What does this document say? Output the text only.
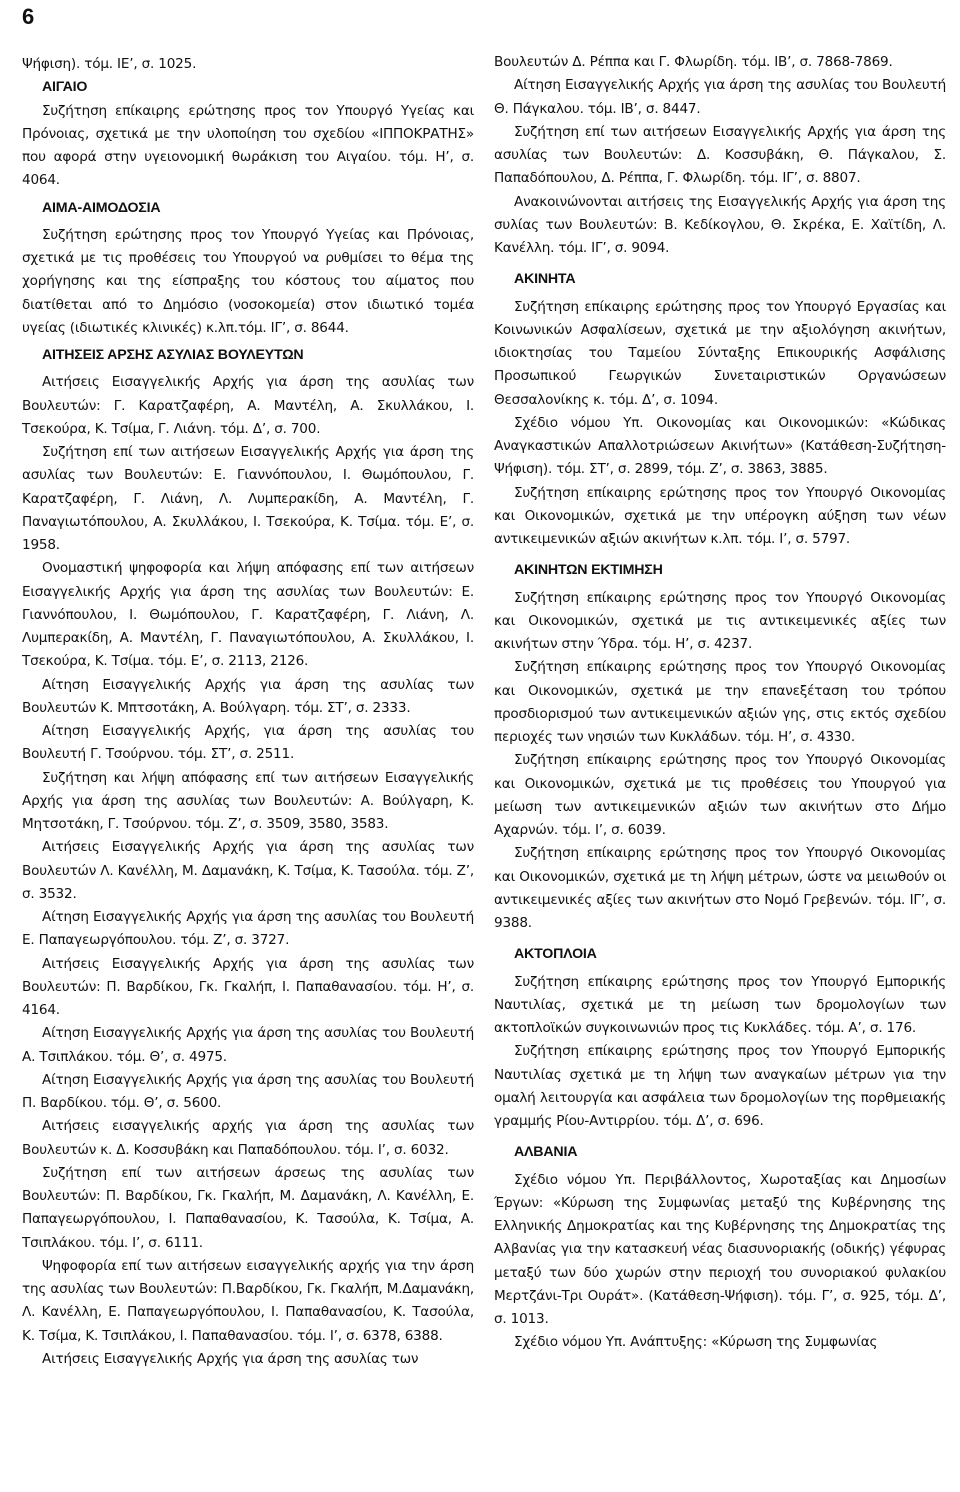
6

Ψήφιση). τόμ. ΙΕ’, σ. 1025.

ΑΙΓΑΙΟ

Συζήτηση επίκαιρης ερώτησης προς τον Υπουργό Υγείας και Πρόνοιας, σχετικά με την υλοποίηση του σχεδίου «ΙΠΠΟΚΡΑΤΗΣ» που αφορά στην υγειονομική θωράκιση του Αιγαίου. τόμ. Η’, σ. 4064.

ΑΙΜΑ-ΑΙΜΟΔΟΣΙΑ

Συζήτηση ερώτησης προς τον Υπουργό Υγείας και Πρόνοιας, σχετικά με τις προθέσεις του Υπουργού να ρυθμίσει το θέμα της χορήγησης και της είσπραξης του κόστους του αίματος που διατίθεται από το Δημόσιο (νοσοκομεία) στον ιδιωτικό τομέα υγείας (ιδιωτικές κλινικές) κ.λπ.τόμ. ΙΓ’, σ. 8644.

ΑΙΤΗΣΕΙΣ ΑΡΣΗΣ ΑΣΥΛΙΑΣ ΒΟΥΛΕΥΤΩΝ

Αιτήσεις Εισαγγελικής Αρχής για άρση της ασυλίας των Βουλευτών: Γ. Καρατζαφέρη, Α. Μαντέλη, Α. Σκυλλάκου, Ι. Τσεκούρα, Κ. Τσίμα, Γ. Λιάνη. τόμ. Δ’, σ. 700.

Συζήτηση επί των αιτήσεων Εισαγγελικής Αρχής για άρση της ασυλίας των Βουλευτών: Ε. Γιαννόπουλου, Ι. Θωμόπουλου, Γ. Καρατζαφέρη, Γ. Λιάνη, Λ. Λυμπερακίδη, Α. Μαντέλη, Γ. Παναγιωτόπουλου, Α. Σκυλλάκου, Ι. Τσεκούρα, Κ. Τσίμα. τόμ. Ε’, σ. 1958.

Ονομαστική ψηφοφορία και λήψη απόφασης επί των αιτήσεων Εισαγγελικής Αρχής για άρση της ασυλίας των Βουλευτών: Ε. Γιαννόπουλου, Ι. Θωμόπουλου, Γ. Καρατζαφέρη, Γ. Λιάνη, Λ. Λυμπερακίδη, Α. Μαντέλη, Γ. Παναγιωτόπουλου, Α. Σκυλλάκου, Ι. Τσεκούρα, Κ. Τσίμα. τόμ. Ε’, σ. 2113, 2126.

Αίτηση Εισαγγελικής Αρχής για άρση της ασυλίας των Βουλευτών Κ. Μπτσοτάκη, Α. Βούλγαρη. τόμ. ΣΤ’, σ. 2333.

Αίτηση Εισαγγελικής Αρχής, για άρση της ασυλίας του Βουλευτή Γ. Τσούρνου. τόμ. ΣΤ’, σ. 2511.

Συζήτηση και λήψη απόφασης επί των αιτήσεων Εισαγγελικής Αρχής για άρση της ασυλίας των Βουλευτών: Α. Βούλγαρη, Κ. Μητσοτάκη, Γ. Τσούρνου. τόμ. Ζ’, σ. 3509, 3580, 3583.

Αιτήσεις Εισαγγελικής Αρχής για άρση της ασυλίας των Βουλευτών Λ. Κανέλλη, Μ. Δαμανάκη, Κ. Τσίμα, Κ. Τασούλα. τόμ. Ζ’, σ. 3532.

Αίτηση Εισαγγελικής Αρχής για άρση της ασυλίας του Βουλευτή Ε. Παπαγεωργόπουλου. τόμ. Ζ’, σ. 3727.

Αιτήσεις Εισαγγελικής Αρχής για άρση της ασυλίας των Βουλευτών: Π. Βαρδίκου, Γκ. Γκαλήπ, Ι. Παπαθανασίου. τόμ. Η’, σ. 4164.

Αίτηση Εισαγγελικής Αρχής για άρση της ασυλίας του Βουλευτή Α. Τσιπλάκου. τόμ. Θ’, σ. 4975.

Αίτηση Εισαγγελικής Αρχής για άρση της ασυλίας του Βουλευτή Π. Βαρδίκου. τόμ. Θ’, σ. 5600.

Αιτήσεις εισαγγελικής αρχής για άρση της ασυλίας των Βουλευτών κ. Δ. Κοσσυβάκη και Παπαδόπουλου. τόμ. Ι’, σ. 6032.

Συζήτηση επί των αιτήσεων άρσεως της ασυλίας των Βουλευτών: Π. Βαρδίκου, Γκ. Γκαλήπ, Μ. Δαμανάκη, Λ. Κανέλλη, Ε. Παπαγεωργόπουλου, Ι. Παπαθανασίου, Κ. Τασούλα, Κ. Τσίμα, Α. Τσιπλάκου. τόμ. Ι’, σ. 6111.

Ψηφοφορία επί των αιτήσεων εισαγγελικής αρχής για την άρση της ασυλίας των Βουλευτών: Π.Βαρδίκου, Γκ. Γκαλήπ, Μ.Δαμανάκη, Λ. Κανέλλη, Ε. Παπαγεωργόπουλου, Ι. Παπαθανασίου, Κ. Τασούλα, Κ. Τσίμα, Κ. Τσιπλάκου, Ι. Παπαθανασίου. τόμ. Ι’, σ. 6378, 6388.

Αιτήσεις Εισαγγελικής Αρχής για άρση της ασυλίας των

Βουλευτών Δ. Ρέππα και Γ. Φλωρίδη. τόμ. ΙΒ’, σ. 7868-7869.

Αίτηση Εισαγγελικής Αρχής για άρση της ασυλίας του Βουλευτή Θ. Πάγκαλου. τόμ. ΙΒ’, σ. 8447.

Συζήτηση επί των αιτήσεων Εισαγγελικής Αρχής για άρση της ασυλίας των Βουλευτών: Δ. Κοσσυβάκη, Θ. Πάγκαλου, Σ. Παπαδόπουλου, Δ. Ρέππα, Γ. Φλωρίδη. τόμ. ΙΓ’, σ. 8807.

Ανακοινώνονται αιτήσεις της Εισαγγελικής Αρχής για άρση της συλίας των Βουλευτών: Β. Κεδίκογλου, Θ. Σκρέκα, Ε. Χαϊτίδη, Λ. Κανέλλη. τόμ. ΙΓ’, σ. 9094.

ΑΚΙΝΗΤΑ

Συζήτηση επίκαιρης ερώτησης προς τον Υπουργό Εργασίας και Κοινωνικών Ασφαλίσεων, σχετικά με την αξιολόγηση ακινήτων, ιδιοκτησίας του Ταμείου Σύνταξης Επικουρικής Ασφάλισης Προσωπικού Γεωργικών Συνεταιριστικών Οργανώσεων Θεσσαλονίκης κ. τόμ. Δ’, σ. 1094.

Σχέδιο νόμου Υπ. Οικονομίας και Οικονομικών: «Κώδικας Αναγκαστικών Απαλλοτριώσεων Ακινήτων» (Κατάθεση-Συζήτηση-Ψήφιση). τόμ. ΣΤ’, σ. 2899, τόμ. Ζ’, σ. 3863, 3885.

Συζήτηση επίκαιρης ερώτησης προς τον Υπουργό Οικονομίας και Οικονομικών, σχετικά με την υπέρογκη αύξηση των νέων αντικειμενικών αξιών ακινήτων κ.λπ. τόμ. Ι’, σ. 5797.

ΑΚΙΝΗΤΩΝ ΕΚΤΙΜΗΣΗ

Συζήτηση επίκαιρης ερώτησης προς τον Υπουργό Οικονομίας και Οικονομικών, σχετικά με τις αντικειμενικές αξίες των ακινήτων στην Ύδρα. τόμ. Η’, σ. 4237.

Συζήτηση επίκαιρης ερώτησης προς τον Υπουργό Οικονομίας και Οικονομικών, σχετικά με την επανεξέταση του τρόπου προσδιορισμού των αντικειμενικών αξιών γης, στις εκτός σχεδίου περιοχές των νησιών των Κυκλάδων. τόμ. Η’, σ. 4330.

Συζήτηση επίκαιρης ερώτησης προς τον Υπουργό Οικονομίας και Οικονομικών, σχετικά με τις προθέσεις του Υπουργού για μείωση των αντικειμενικών αξιών των ακινήτων στο Δήμο Αχαρνών. τόμ. Ι’, σ. 6039.

Συζήτηση επίκαιρης ερώτησης προς τον Υπουργό Οικονομίας και Οικονομικών, σχετικά με τη λήψη μέτρων, ώστε να μειωθούν οι αντικειμενικές αξίες των ακινήτων στο Νομό Γρεβενών. τόμ. ΙΓ’, σ. 9388.

ΑΚΤΟΠΛΟΙΑ

Συζήτηση επίκαιρης ερώτησης προς τον Υπουργό Εμπορικής Ναυτιλίας, σχετικά με τη μείωση των δρομολογίων των ακτοπλοϊκών συγκοινωνιών προς τις Κυκλάδες. τόμ. Α’, σ. 176.

Συζήτηση επίκαιρης ερώτησης προς τον Υπουργό Εμπορικής Ναυτιλίας σχετικά με τη λήψη των αναγκαίων μέτρων για την ομαλή λειτουργία και ασφάλεια των δρομολογίων της πορθμειακής γραμμής Ρίου-Αντιρρίου. τόμ. Δ’, σ. 696.

ΑΛΒΑΝΙΑ

Σχέδιο νόμου Υπ. Περιβάλλοντος, Χωροταξίας και Δημοσίων Έργων: «Κύρωση της Συμφωνίας μεταξύ της Κυβέρνησης της Ελληνικής Δημοκρατίας και της Κυβέρνησης της Δημοκρατίας της Αλβανίας για την κατασκευή νέας διασυνοριακής (οδικής) γέφυρας μεταξύ των δύο χωρών στην περιοχή του συνοριακού φυλακίου Μερτζάνι-Τρι Ουράτ». (Κατάθεση-Ψήφιση). τόμ. Γ’, σ. 925, τόμ. Δ’, σ. 1013.

Σχέδιο νόμου Υπ. Ανάπτυξης: «Κύρωση της Συμφωνίας
